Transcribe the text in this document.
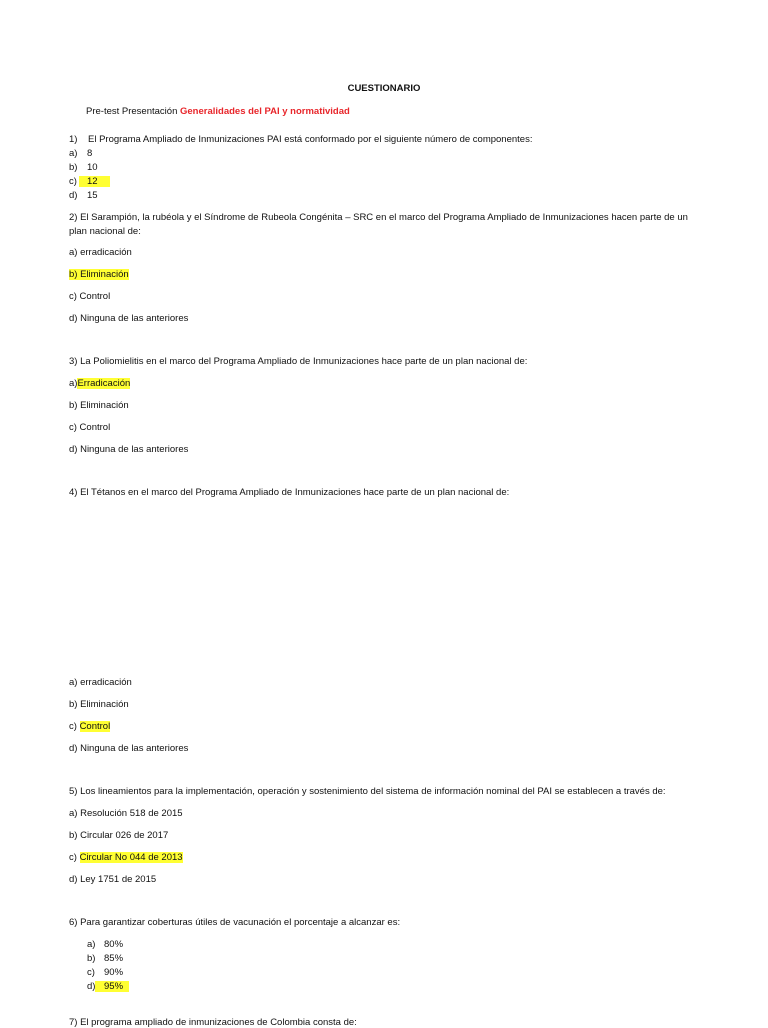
CUESTIONARIO
Pre-test Presentación Generalidades del PAI y normatividad
1) El Programa Ampliado de Inmunizaciones PAI está conformado por el siguiente número de componentes:
a) 8
b) 10
c) 12
d) 15
2) El Sarampión, la rubéola y el Síndrome de Rubeola Congénita – SRC en el marco del Programa Ampliado de Inmunizaciones hacen parte de un
plan nacional de:
a) erradicación
b) Eliminación
c) Control
d) Ninguna de las anteriores
3) La Poliomielitis en el marco del Programa Ampliado de Inmunizaciones hace parte de un plan nacional de:
a)Erradicación
b) Eliminación
c) Control
d) Ninguna de las anteriores
4) El Tétanos en el marco del Programa Ampliado de Inmunizaciones hace parte de un plan nacional de:
a) erradicación
b) Eliminación
c) Control
d) Ninguna de las anteriores
5) Los lineamientos para la implementación, operación y sostenimiento del sistema de información nominal del PAI se establecen a través de:
a) Resolución 518 de 2015
b) Circular 026 de 2017
c) Circular No 044 de 2013
d) Ley 1751 de 2015
6) Para garantizar coberturas útiles de vacunación el porcentaje a alcanzar es:
a) 80%
b) 85%
c) 90%
d) 95%
7) El programa ampliado de inmunizaciones de Colombia consta de:
